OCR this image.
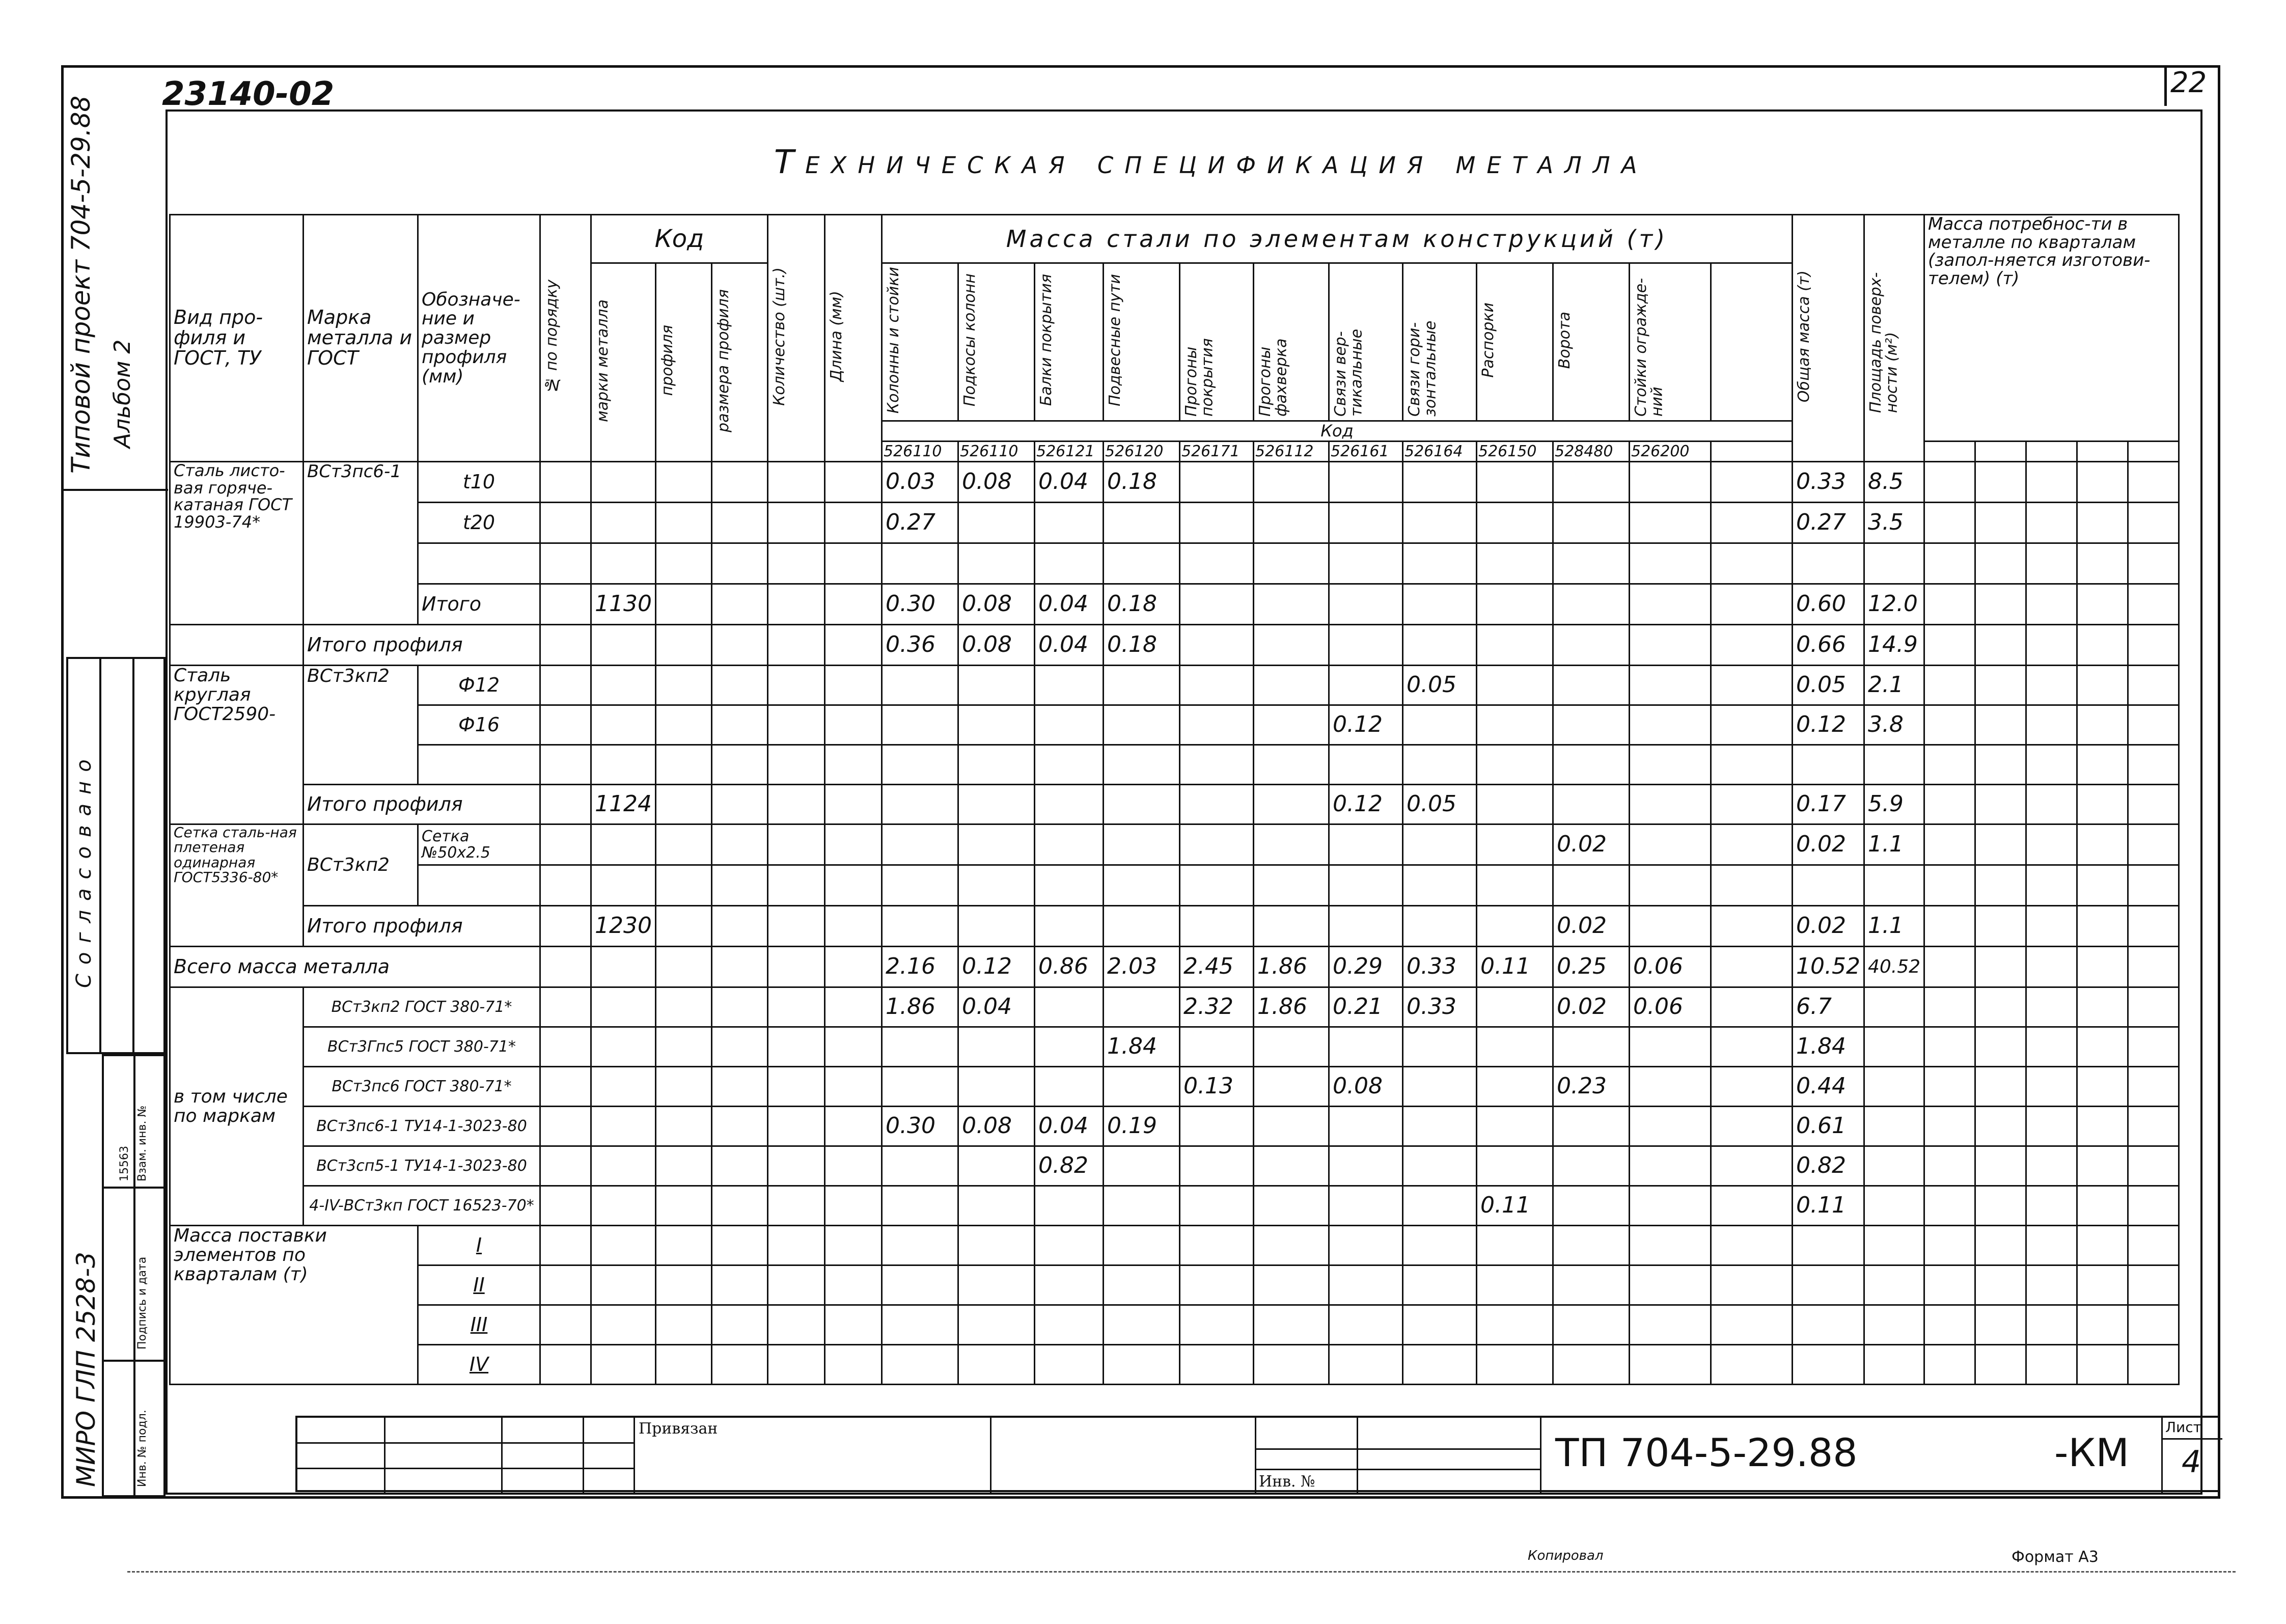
22
23140-02
Техническая спецификация металла
Типовой проект 704-5-29.88 Альбом 2
Согласовано
Взам. инв. №
15563
Подпись и дата
Инв. № подл.
МИРО ГЛП 2528-3
Вид про-филя и ГОСТ, ТУ	Марка металла и ГОСТ	Обозначе-ние и размер профиля (мм)	№ по порядку	Код			Количество (шт.)	Длина (мм)	Масса стали по элементам конструкций (т)												Общая масса (т)	Площадь поверх-ности (м²)	Масса потребнос-ти в металле по кварталам (запол-няется изготови-телем) (т)				
				марки металла	профиля	размера профиля			Колонны и стойки	Подкосы колонн	Балки покрытия	Подвесные пути	Прогоны покрытия	Прогоны фахверка	Связи вер-тикальные	Связи гори-зонтальные	Распорки	Ворота	Стойки огражде-ний								
									Код																		
									526110	526110	526121	526120	526171	526112	526161	526164	526150	528480	526200								
Сталь листо-вая горяче-катаная ГОСТ 19903-74*	ВСт3пс6-1	t10							0.03	0.08	0.04	0.18									0.33	8.5					
		t20							0.27												0.27	3.5					

		Итого		1130					0.30	0.08	0.04	0.18									0.60	12.0					
	Итого профиля								0.36	0.08	0.04	0.18									0.66	14.9					
Сталь круглая ГОСТ2590-	ВСт3кп2	Ф12														0.05					0.05	2.1					
		Ф16													0.12						0.12	3.8					

	Итого профиля			1124											0.12	0.05					0.17	5.9					
Сетка сталь-ная плетеная одинарная ГОСТ5336-80*	ВСт3кп2	Сетка №50x2.5																0.02			0.02	1.1					

	Итого профиля			1230														0.02			0.02	1.1					
Всего масса металла									2.16	0.12	0.86	2.03	2.45	1.86	0.29	0.33	0.11	0.25	0.06		10.52	40.52					
в том числе по маркам	ВСт3кп2 ГОСТ 380-71*								1.86	0.04			2.32	1.86	0.21	0.33		0.02	0.06		6.7						
	ВСт3Гпс5 ГОСТ 380-71*											1.84									1.84						
	ВСт3пс6 ГОСТ 380-71*												0.13		0.08			0.23			0.44						
	ВСт3пс6-1 ТУ14-1-3023-80								0.30	0.08	0.04	0.19									0.61						
	ВСт3сп5-1 ТУ14-1-3023-80										0.82										0.82						
	4-IV-ВСт3кп ГОСТ 16523-70*																0.11				0.11						
Масса поставки элементов по кварталам (т)		I																									
		II																									
		III																									
		IV																									
Привязан
Инв. №
ТП 704-5-29.88	-КМ
Лист
4
Копировал	Формат А3
